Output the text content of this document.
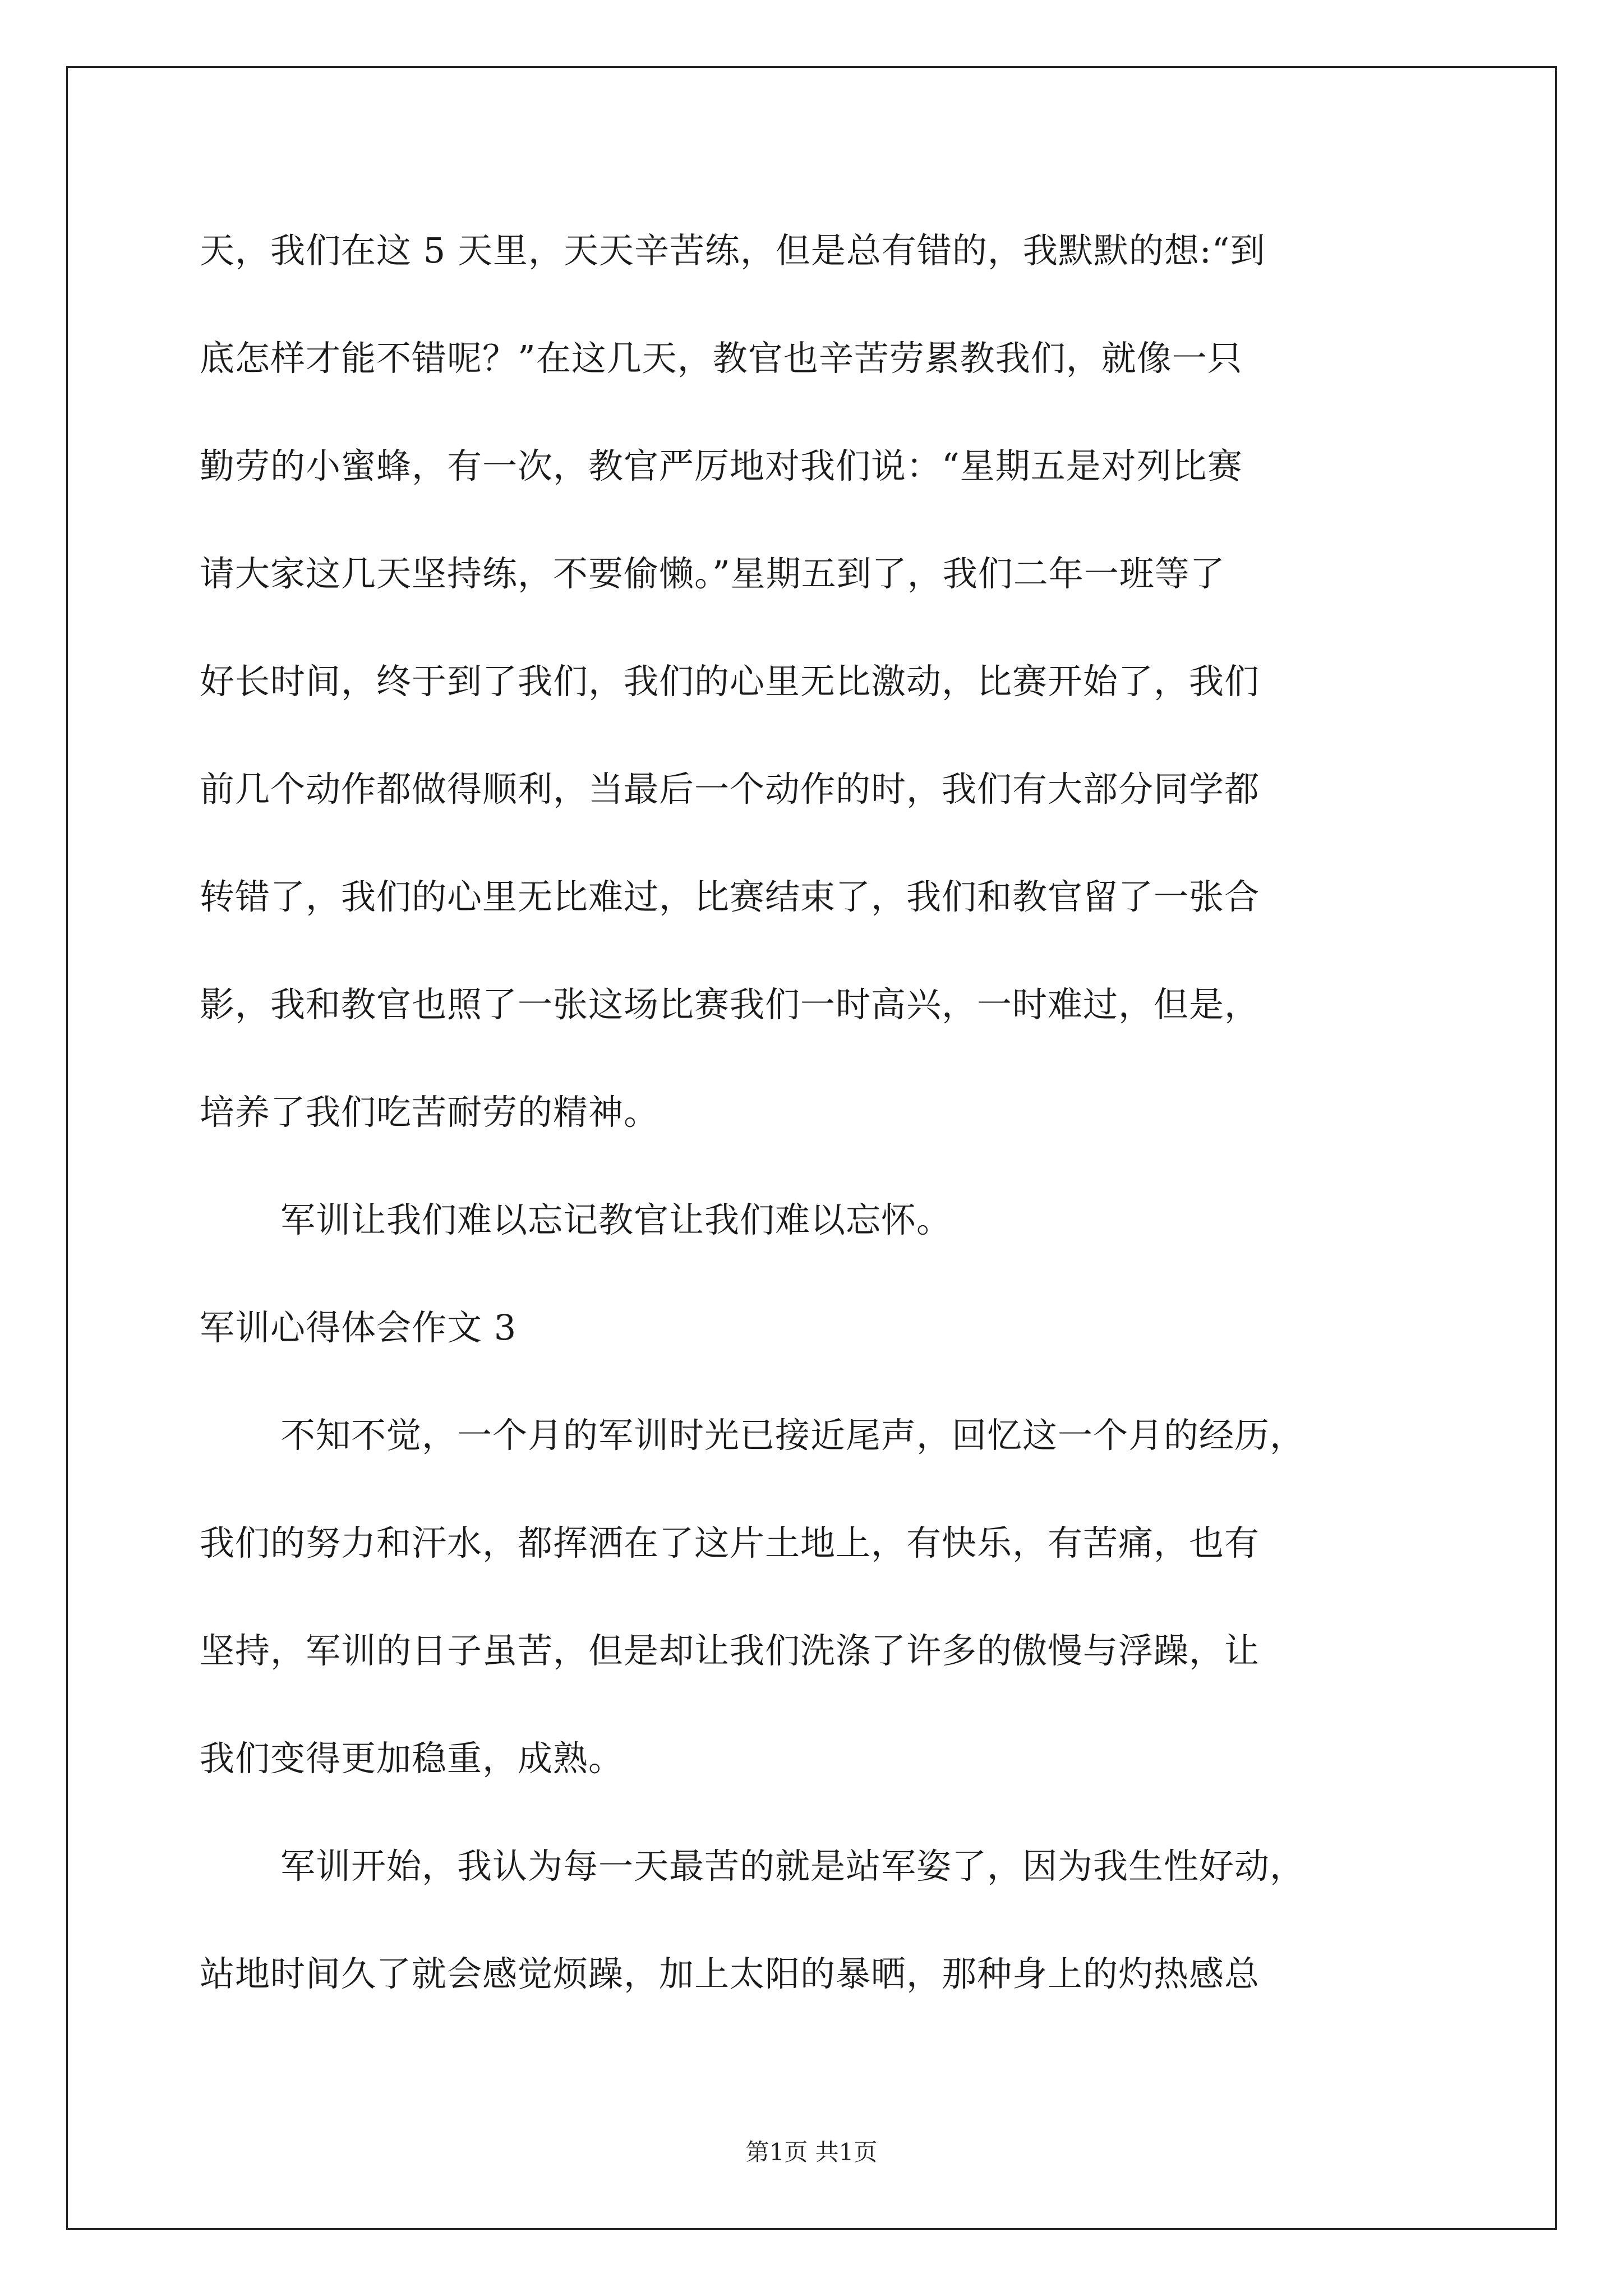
天，我们在这 5 天里，天天辛苦练，但是总有错的，我默默的想:“到
底怎样才能不错呢？”在这几天，教官也辛苦劳累教我们，就像一只
勤劳的小蜜蜂，有一次，教官严厉地对我们说：“星期五是对列比赛
请大家这几天坚持练，不要偷懒。”星期五到了，我们二年一班等了
好长时间，终于到了我们，我们的心里无比激动，比赛开始了，我们
前几个动作都做得顺利，当最后一个动作的时，我们有大部分同学都
转错了，我们的心里无比难过，比赛结束了，我们和教官留了一张合
影，我和教官也照了一张这场比赛我们一时高兴，一时难过，但是，
培养了我们吃苦耐劳的精神。
军训让我们难以忘记教官让我们难以忘怀。
军训心得体会作文 3
不知不觉，一个月的军训时光已接近尾声，回忆这一个月的经历，
我们的努力和汗水，都挥洒在了这片土地上，有快乐，有苦痛，也有
坚持，军训的日子虽苦，但是却让我们洗涤了许多的傲慢与浮躁，让
我们变得更加稳重，成熟。
军训开始，我认为每一天最苦的就是站军姿了，因为我生性好动，
站地时间久了就会感觉烦躁，加上太阳的暴晒，那种身上的灼热感总
第1页 共1页
